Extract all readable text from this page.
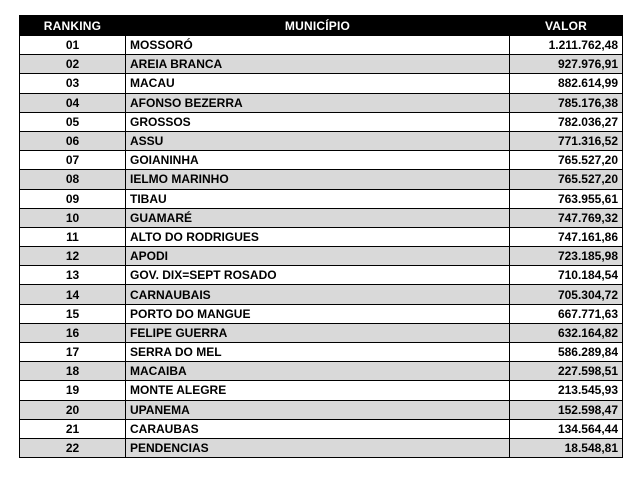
RANKING	MUNICÍPIO	VALOR
01	MOSSORÓ	1.211.762,48
02	AREIA BRANCA	927.976,91
03	MACAU	882.614,99
04	AFONSO BEZERRA	785.176,38
05	GROSSOS	782.036,27
06	ASSU	771.316,52
07	GOIANINHA	765.527,20
08	IELMO MARINHO	765.527,20
09	TIBAU	763.955,61
10	GUAMARÉ	747.769,32
11	ALTO DO RODRIGUES	747.161,86
12	APODI	723.185,98
13	GOV. DIX=SEPT ROSADO	710.184,54
14	CARNAUBAIS	705.304,72
15	PORTO DO MANGUE	667.771,63
16	FELIPE GUERRA	632.164,82
17	SERRA DO MEL	586.289,84
18	MACAIBA	227.598,51
19	MONTE ALEGRE	213.545,93
20	UPANEMA	152.598,47
21	CARAUBAS	134.564,44
22	PENDENCIAS	18.548,81
